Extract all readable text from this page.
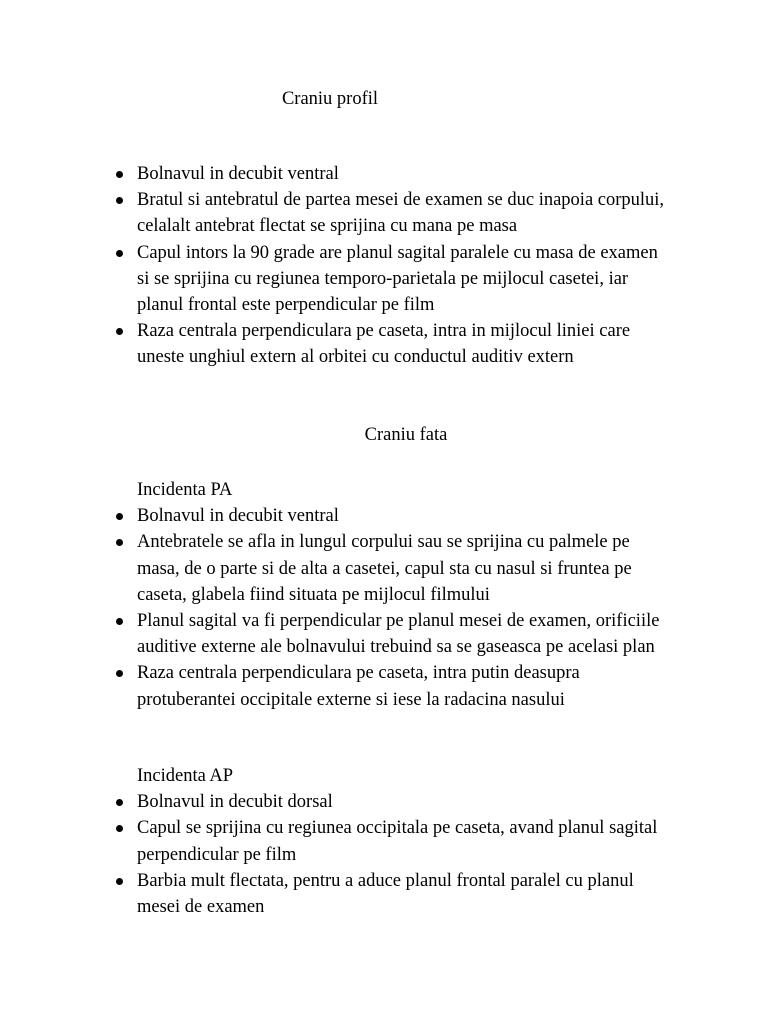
Craniu profil
Bolnavul in decubit ventral
Bratul si antebratul de partea mesei de examen se duc inapoia corpului, celalalt antebrat flectat se sprijina cu mana pe masa
Capul intors la 90 grade are planul sagital paralele cu masa de examen si se sprijina cu regiunea temporo-parietala pe mijlocul casetei, iar planul frontal este perpendicular pe film
Raza centrala perpendiculara pe caseta, intra in mijlocul liniei care uneste unghiul extern al orbitei cu conductul auditiv extern
Craniu fata

Incidenta PA

Bolnavul in decubit ventral
Antebratele se afla in lungul corpului sau se sprijina cu palmele pe masa, de o parte si de alta a casetei, capul sta cu nasul si fruntea pe caseta, glabela fiind situata pe mijlocul filmului
Planul sagital va fi perpendicular pe planul mesei de examen, orificiile auditive externe ale bolnavului trebuind sa se gaseasca pe acelasi plan
Raza centrala perpendiculara pe caseta, intra putin deasupra protuberantei occipitale externe si iese la radacina nasului

Incidenta AP

Bolnavul in decubit dorsal
Capul se sprijina cu regiunea occipitala pe caseta, avand planul sagital perpendicular pe film
Barbia mult flectata, pentru a aduce planul frontal paralel cu planul mesei de examen
